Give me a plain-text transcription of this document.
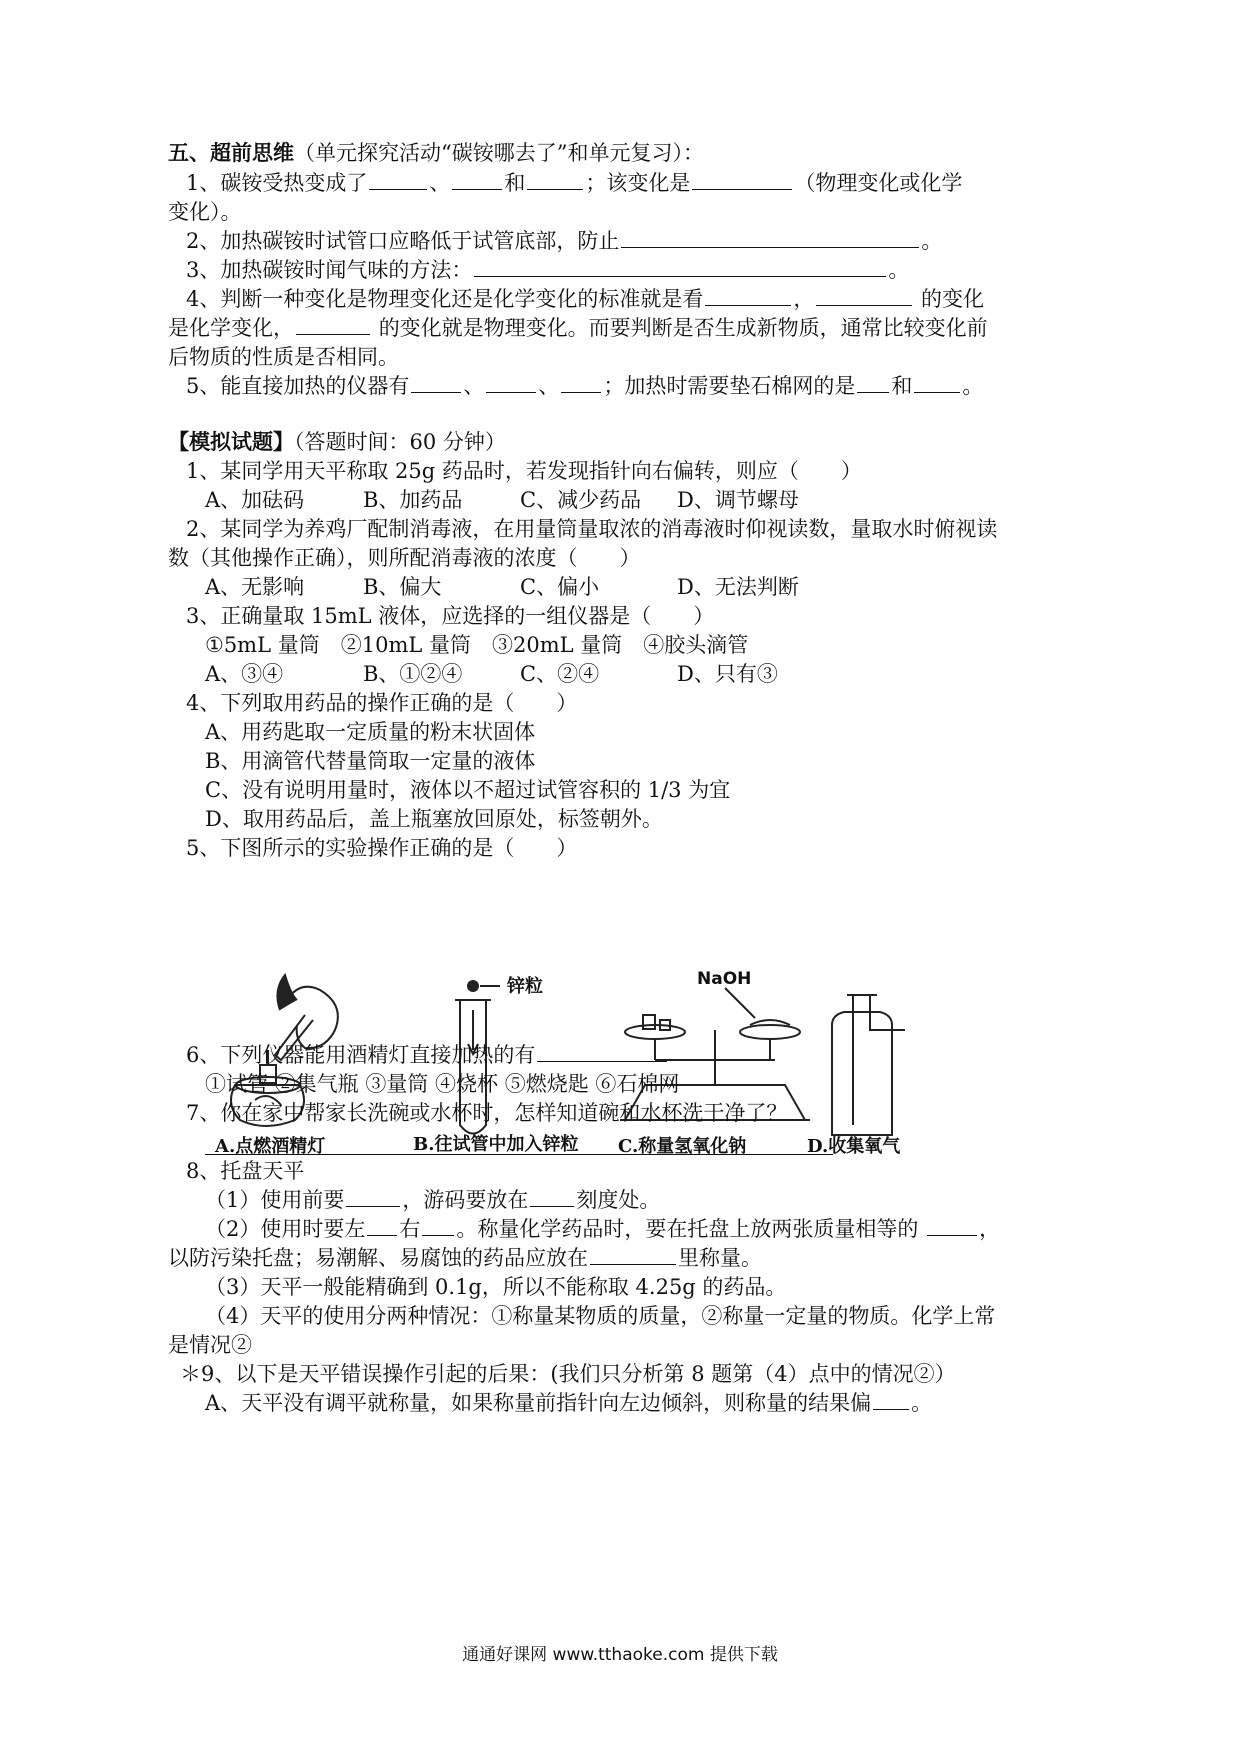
五、超前思维（单元探究活动“碳铵哪去了”和单元复习）：
1、碳铵受热变成了	、	和	；该变化是	（物理变化或化学
变化）。
2、加热碳铵时试管口应略低于试管底部，防止	。
3、加热碳铵时闻气味的方法：	。
4、判断一种变化是物理变化还是化学变化的标准就是看	，	的变化
是化学变化，	的变化就是物理变化。而要判断是否生成新物质，通常比较变化前
后物质的性质是否相同。
5、能直接加热的仪器有	、	、 ；加热时需要垫石棉网的是 和 。
【模拟试题】（答题时间：60 分钟）
1、某同学用天平称取 25g 药品时，若发现指针向右偏转，则应（　　）
A、加砝码	B、加药品	C、减少药品 D、调节螺母
2、某同学为养鸡厂配制消毒液，在用量筒量取浓的消毒液时仰视读数，量取水时俯视读
数（其他操作正确），则所配消毒液的浓度（　　）
A、无影响	B、偏大	C、偏小	D、无法判断
3、正确量取 15mL 液体，应选择的一组仪器是（　　）
①5mL 量筒　②10mL 量筒　③20mL 量筒　④胶头滴管
A、③④	B、①②④	C、②④	D、只有③
4、下列取用药品的操作正确的是（　　）
A、用药匙取一定质量的粉末状固体
B、用滴管代替量筒取一定量的液体
C、没有说明用量时，液体以不超过试管容积的 1/3 为宜
D、取用药品后，盖上瓶塞放回原处，标签朝外。
5、下图所示的实验操作正确的是（　　）
锌粒	NaOH
A.点燃酒精灯	B.往试管中加入锌粒 C.称量氢氧化钠	D.收集氧气
6、下列仪器能用酒精灯直接加热的有
①试管 ②集气瓶 ③量筒 ④烧杯 ⑤燃烧匙 ⑥石棉网
7、你在家中帮家长洗碗或水杯时，怎样知道碗和水杯洗干净了？
8、托盘天平
（1）使用前要	，游码要放在 刻度处。
（2）使用时要左 右 。称量化学药品时，要在托盘上放两张质量相等的	，
以防污染托盘；易潮解、易腐蚀的药品应放在	里称量。
（3）天平一般能精确到 0.1g，所以不能称取 4.25g 的药品。
（4）天平的使用分两种情况：①称量某物质的质量，②称量一定量的物质。化学上常
是情况②
＊9、以下是天平错误操作引起的后果：(我们只分析第 8 题第（4）点中的情况②）
A、天平没有调平就称量，如果称量前指针向左边倾斜，则称量的结果偏 。
通通好课网 www.tthaoke.com 提供下载
